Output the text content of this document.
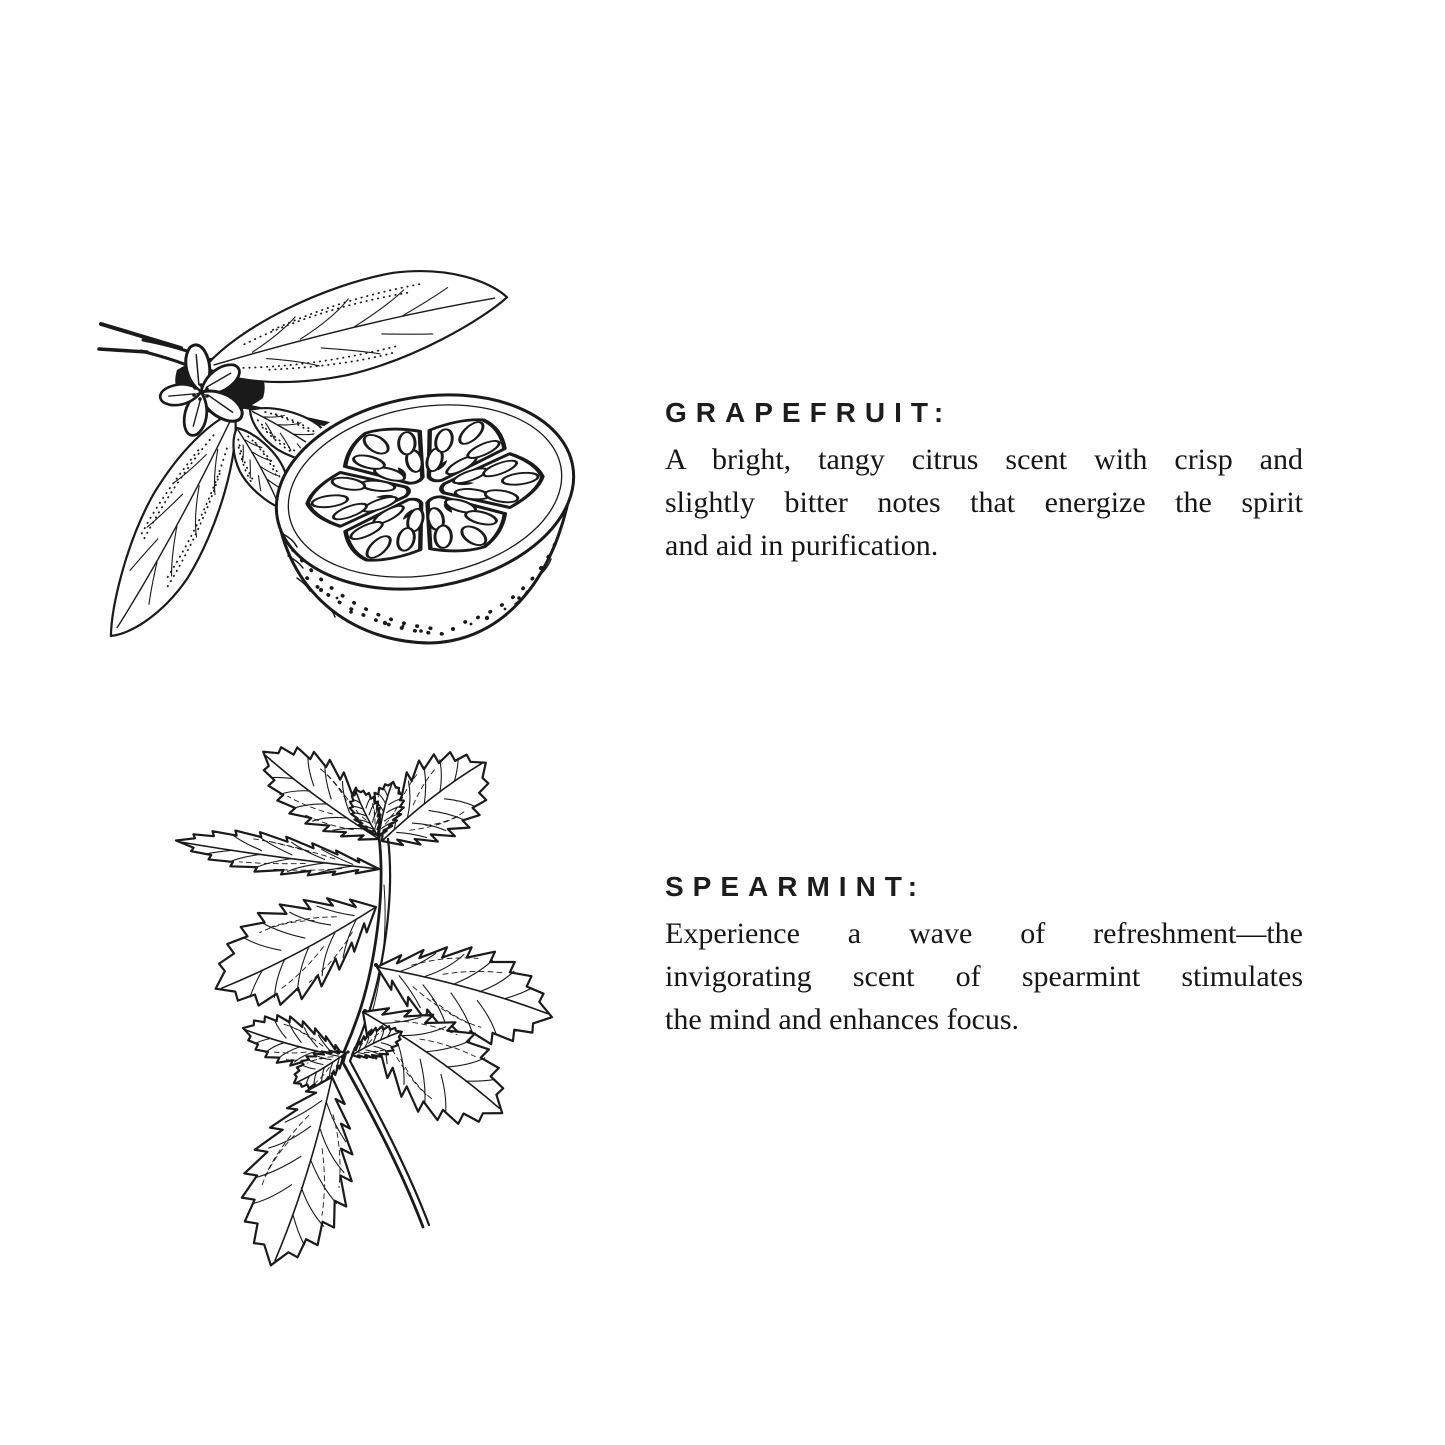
GRAPEFRUIT:
A bright, tangy citrus scent with crisp and
slightly bitter notes that energize the spirit
and aid in purification.
SPEARMINT:
Experience a wave of refreshment—the
invigorating scent of spearmint stimulates
the mind and enhances focus.
